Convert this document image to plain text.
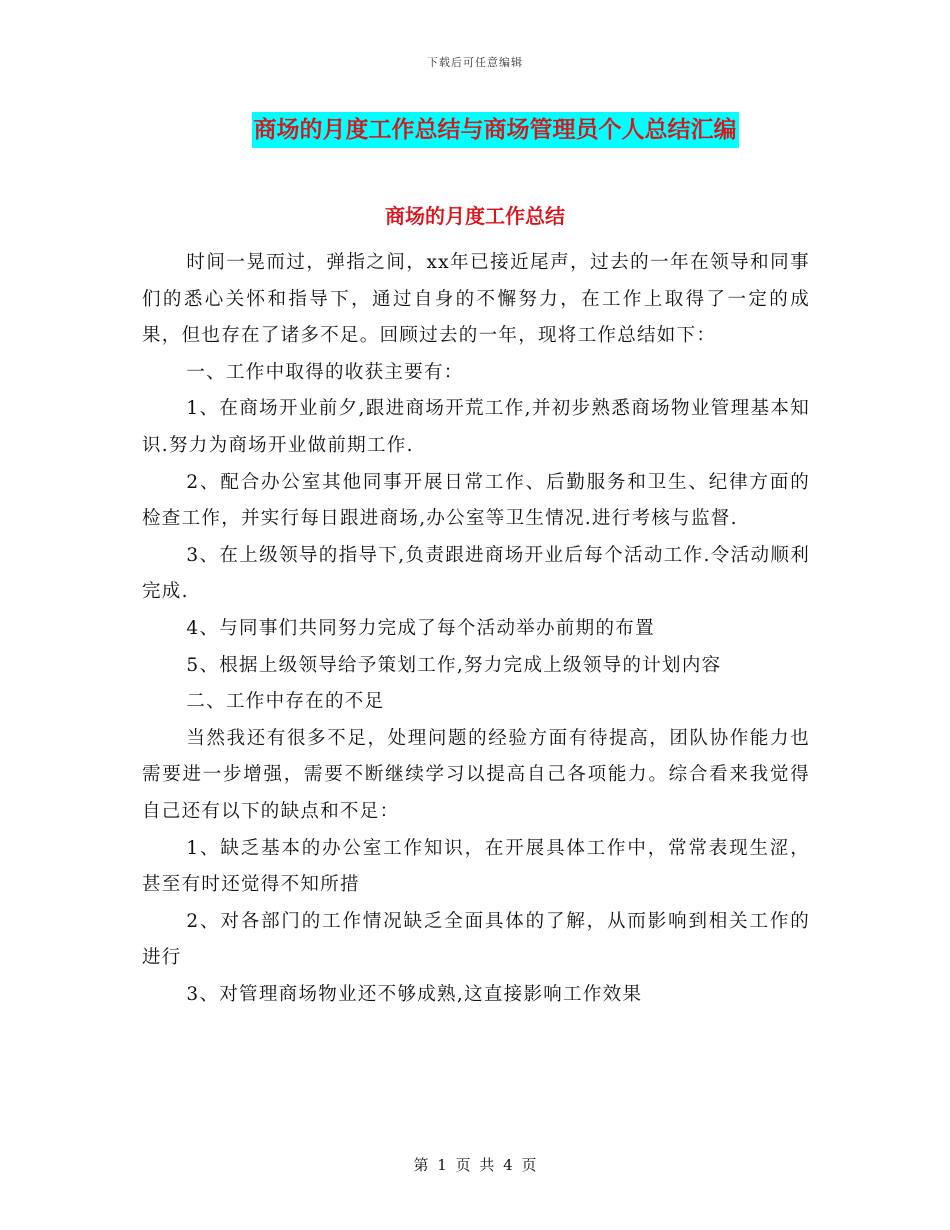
下载后可任意编辑
商场的月度工作总结与商场管理员个人总结汇编
商场的月度工作总结

时间一晃而过，弹指之间，xx年已接近尾声，过去的一年在领导和同事们的悉心关怀和指导下，通过自身的不懈努力，在工作上取得了一定的成果，但也存在了诸多不足。回顾过去的一年，现将工作总结如下：

一、工作中取得的收获主要有：

1、在商场开业前夕,跟进商场开荒工作,并初步熟悉商场物业管理基本知识.努力为商场开业做前期工作.

2、配合办公室其他同事开展日常工作、后勤服务和卫生、纪律方面的检查工作，并实行每日跟进商场,办公室等卫生情况.进行考核与监督.

3、在上级领导的指导下,负责跟进商场开业后每个活动工作.令活动顺利完成.

4、与同事们共同努力完成了每个活动举办前期的布置

5、根据上级领导给予策划工作,努力完成上级领导的计划内容

二、工作中存在的不足

当然我还有很多不足，处理问题的经验方面有待提高，团队协作能力也需要进一步增强，需要不断继续学习以提高自己各项能力。综合看来我觉得自己还有以下的缺点和不足：

1、缺乏基本的办公室工作知识，在开展具体工作中，常常表现生涩，甚至有时还觉得不知所措

2、对各部门的工作情况缺乏全面具体的了解，从而影响到相关工作的进行

3、对管理商场物业还不够成熟,这直接影响工作效果

第 1 页 共 4 页
